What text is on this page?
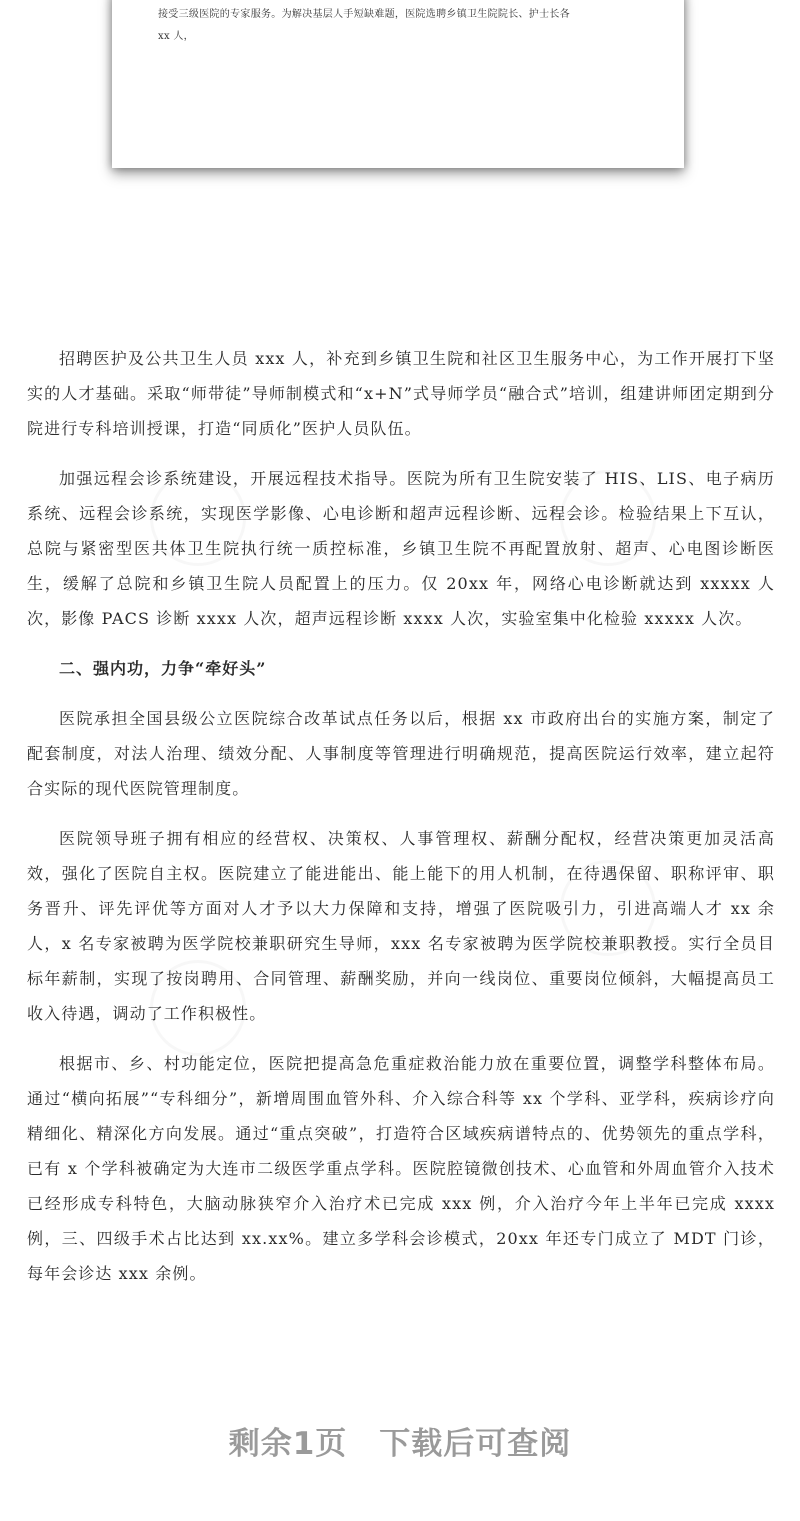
接受三级医院的专家服务。为解决基层人手短缺难题，医院选聘乡镇卫生院院长、护士长各

xx 人，

招聘医护及公共卫生人员 xxx 人，补充到乡镇卫生院和社区卫生服务中心，为工作开展打下坚实的人才基础。采取“师带徒”导师制模式和“x+N”式导师学员“融合式”培训，组建讲师团定期到分院进行专科培训授课，打造“同质化”医护人员队伍。

加强远程会诊系统建设，开展远程技术指导。医院为所有卫生院安装了 HIS、LIS、电子病历系统、远程会诊系统，实现医学影像、心电诊断和超声远程诊断、远程会诊。检验结果上下互认，总院与紧密型医共体卫生院执行统一质控标准，乡镇卫生院不再配置放射、超声、心电图诊断医生，缓解了总院和乡镇卫生院人员配置上的压力。仅 20xx 年，网络心电诊断就达到 xxxxx 人次，影像 PACS 诊断 xxxx 人次，超声远程诊断 xxxx 人次，实验室集中化检验 xxxxx 人次。

二、强内功，力争“牵好头”

医院承担全国县级公立医院综合改革试点任务以后，根据 xx 市政府出台的实施方案，制定了配套制度，对法人治理、绩效分配、人事制度等管理进行明确规范，提高医院运行效率，建立起符合实际的现代医院管理制度。

医院领导班子拥有相应的经营权、决策权、人事管理权、薪酬分配权，经营决策更加灵活高效，强化了医院自主权。医院建立了能进能出、能上能下的用人机制，在待遇保留、职称评审、职务晋升、评先评优等方面对人才予以大力保障和支持，增强了医院吸引力，引进高端人才 xx 余人，x 名专家被聘为医学院校兼职研究生导师，xxx 名专家被聘为医学院校兼职教授。实行全员目标年薪制，实现了按岗聘用、合同管理、薪酬奖励，并向一线岗位、重要岗位倾斜，大幅提高员工收入待遇，调动了工作积极性。

根据市、乡、村功能定位，医院把提高急危重症救治能力放在重要位置，调整学科整体布局。通过“横向拓展”“专科细分”，新增周围血管外科、介入综合科等 xx 个学科、亚学科，疾病诊疗向精细化、精深化方向发展。通过“重点突破”，打造符合区域疾病谱特点的、优势领先的重点学科，已有 x 个学科被确定为大连市二级医学重点学科。医院腔镜微创技术、心血管和外周血管介入技术已经形成专科特色，大脑动脉狭窄介入治疗术已完成 xxx 例，介入治疗今年上半年已完成 xxxx 例，三、四级手术占比达到 xx.xx%。建立多学科会诊模式，20xx 年还专门成立了 MDT 门诊，每年会诊达 xxx 余例。

剩余1页 下载后可查阅
